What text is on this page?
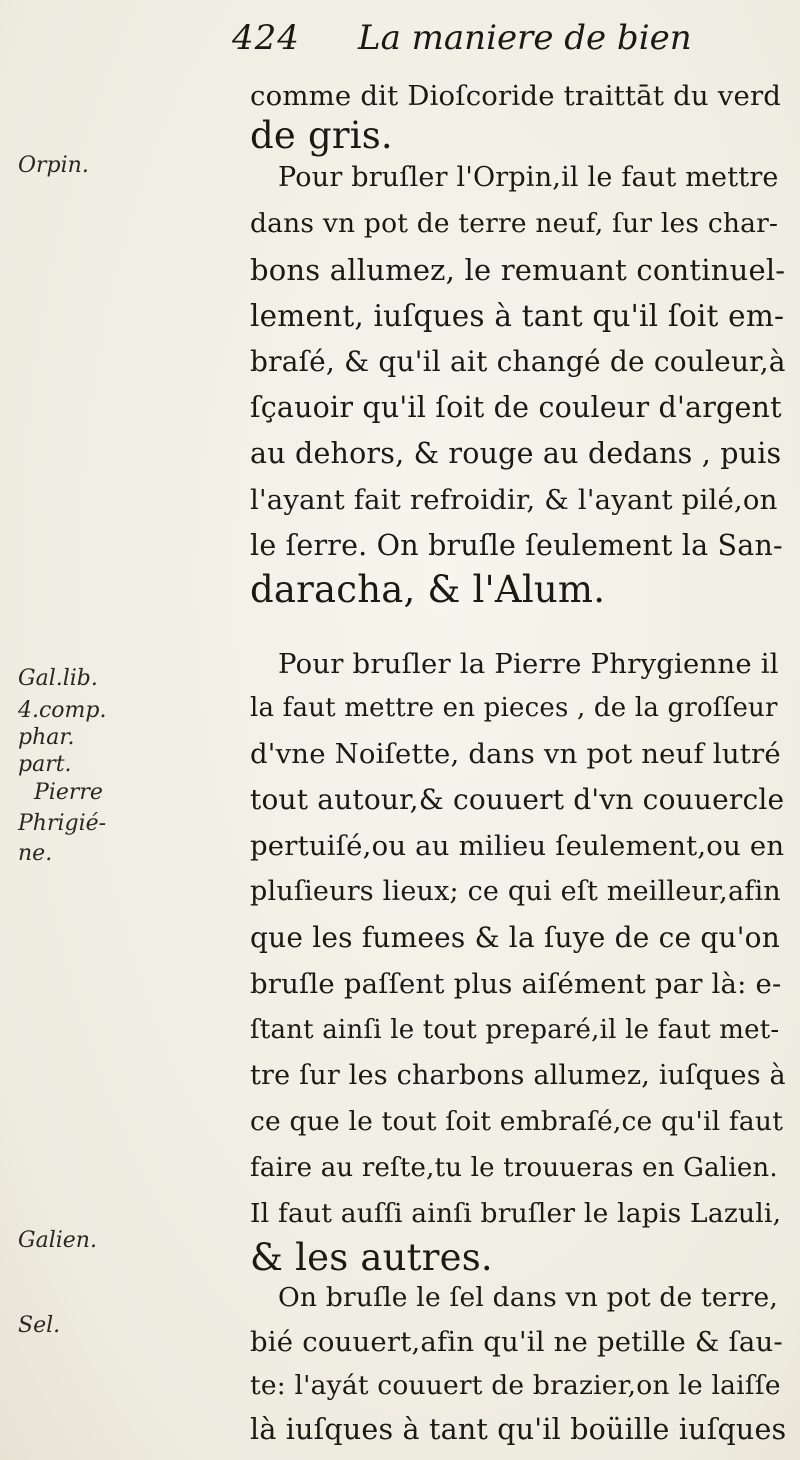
424 La maniere de bien
Orpin.
Gal.lib.
4.comp.
phar.
part.
Pierre
Phrigié-
ne.
Galien.
Sel.
comme dit Dioſcoride traittāt du verd
de gris.
Pour bruſler l'Orpin,il le faut mettre
dans vn pot de terre neuf, ſur les char-
bons allumez, le remuant continuel-
lement, iuſques à tant qu'il ſoit em-
braſé, & qu'il ait changé de couleur,à
ſçauoir qu'il ſoit de couleur d'argent
au dehors, & rouge au dedans , puis
l'ayant fait refroidir, & l'ayant pilé,on
le ſerre. On bruſle ſeulement la San-
daracha, & l'Alum.
Pour bruſler la Pierre Phrygienne il
la faut mettre en pieces , de la groſſeur
d'vne Noiſette, dans vn pot neuf lutré
tout autour,& couuert d'vn couuercle
pertuiſé,ou au milieu ſeulement,ou en
pluſieurs lieux; ce qui eſt meilleur,afin
que les fumees & la ſuye de ce qu'on
bruſle paſſent plus aiſément par là: e-
ſtant ainſi le tout preparé,il le faut met-
tre ſur les charbons allumez, iuſques à
ce que le tout ſoit embraſé,ce qu'il faut
faire au reſte,tu le trouueras en Galien.
Il faut auſſi ainſi bruſler le lapis Lazuli,
& les autres.
On bruſle le ſel dans vn pot de terre,
bié couuert,afin qu'il ne petille & ſau-
te: l'ayát couuert de brazier,on le laiſſe
là iuſques à tant qu'il boüille iuſques
